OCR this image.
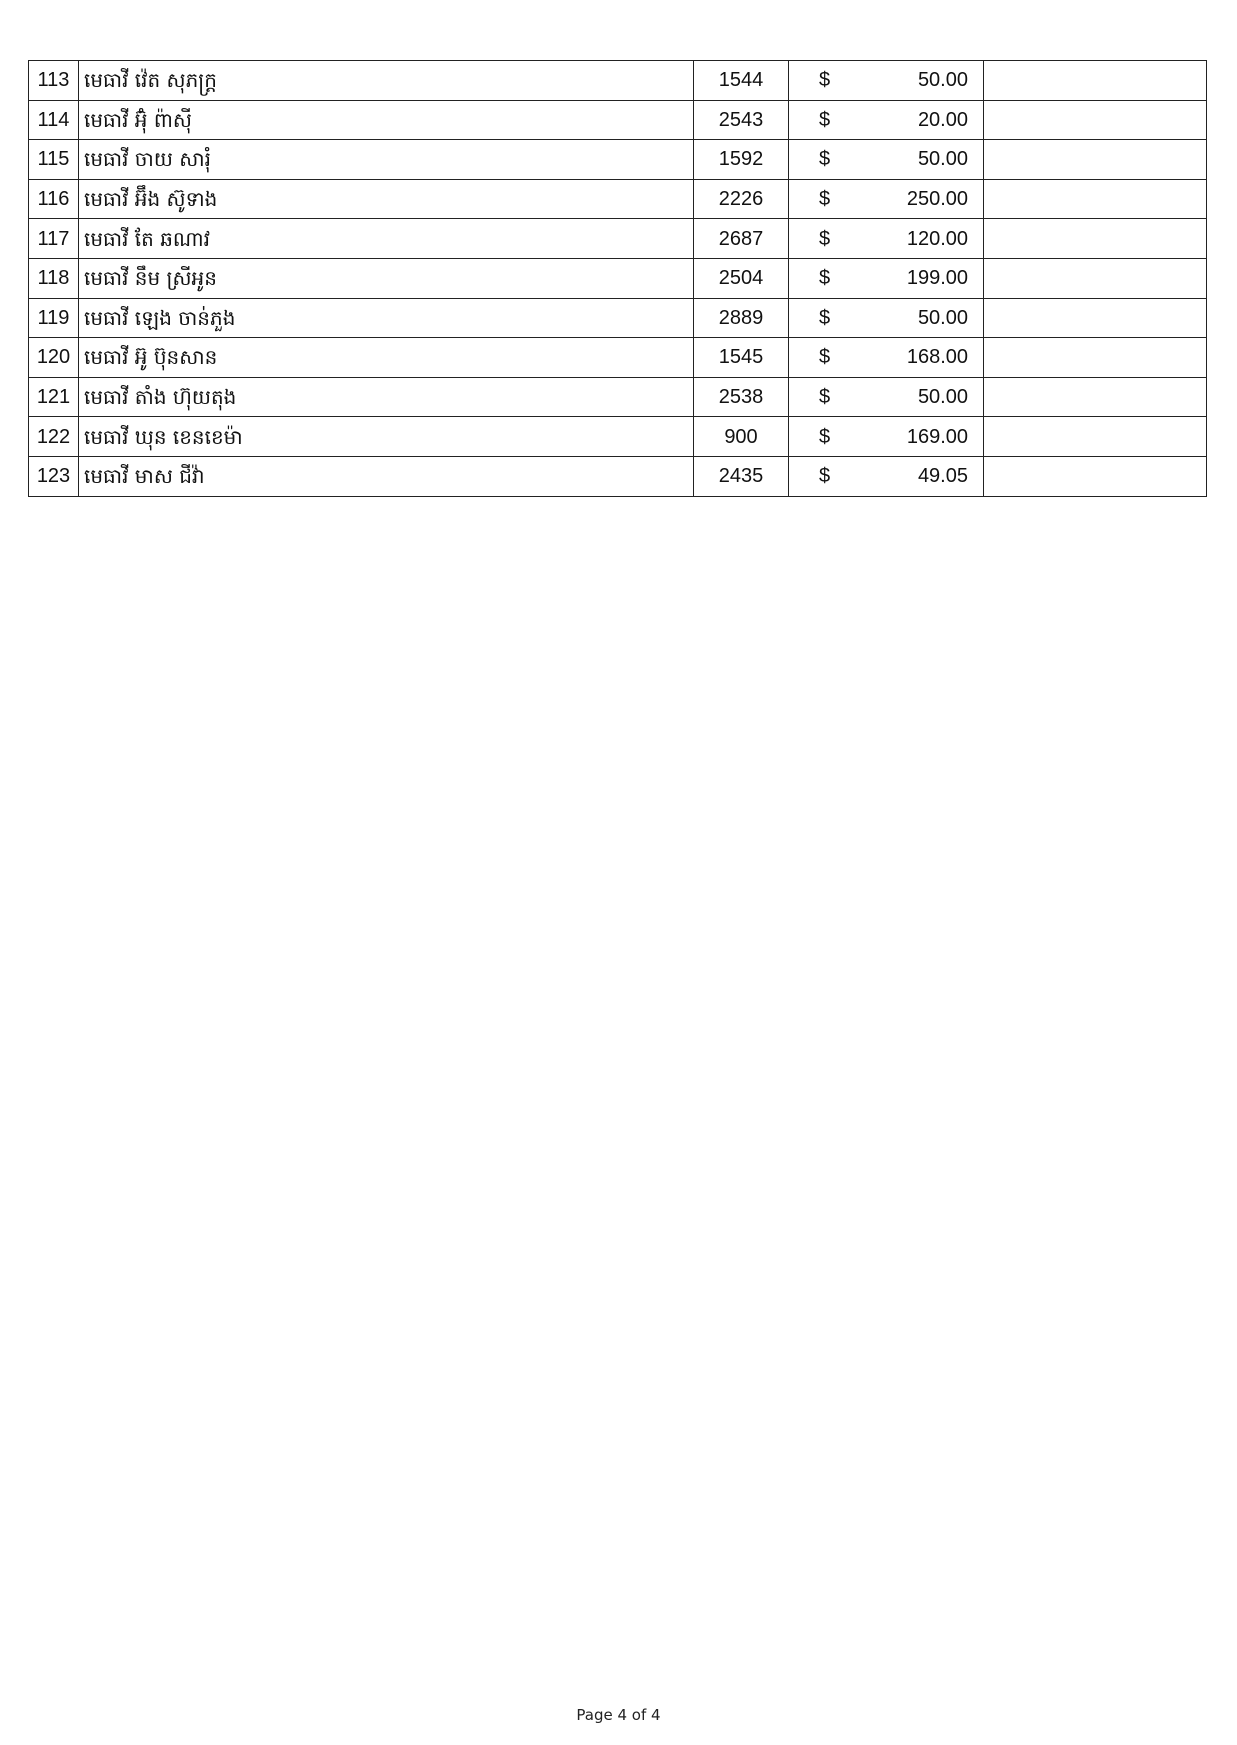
113	មេធាវី វ៉េត សុភក្ត្រ	1544	$ 50.00	

114	មេធាវី អ៊ុំ ព៉ាស៊ី	2543	$ 20.00	

115	មេធាវី ចាយ សារុំ	1592	$ 50.00	

116	មេធាវី អ៊ឹង ស៊ូទាង	2226	$ 250.00	

117	មេធាវី តែ ឆណាវ	2687	$ 120.00	

118	មេធាវី នឹម ស្រីអូន	2504	$ 199.00	

119	មេធាវី ឡេង ចាន់ភួង	2889	$ 50.00	

120	មេធាវី អ៊ូ ប៊ុនសាន	1545	$ 168.00	

121	មេធាវី តាំង ហ៊ុយតុង	2538	$ 50.00	

122	មេធាវី ឃុន ខេនខេម៉ា	900	$ 169.00	

123	មេធាវី មាស ជីវ៉ា	2435	$ 49.05	

Page 4 of 4
